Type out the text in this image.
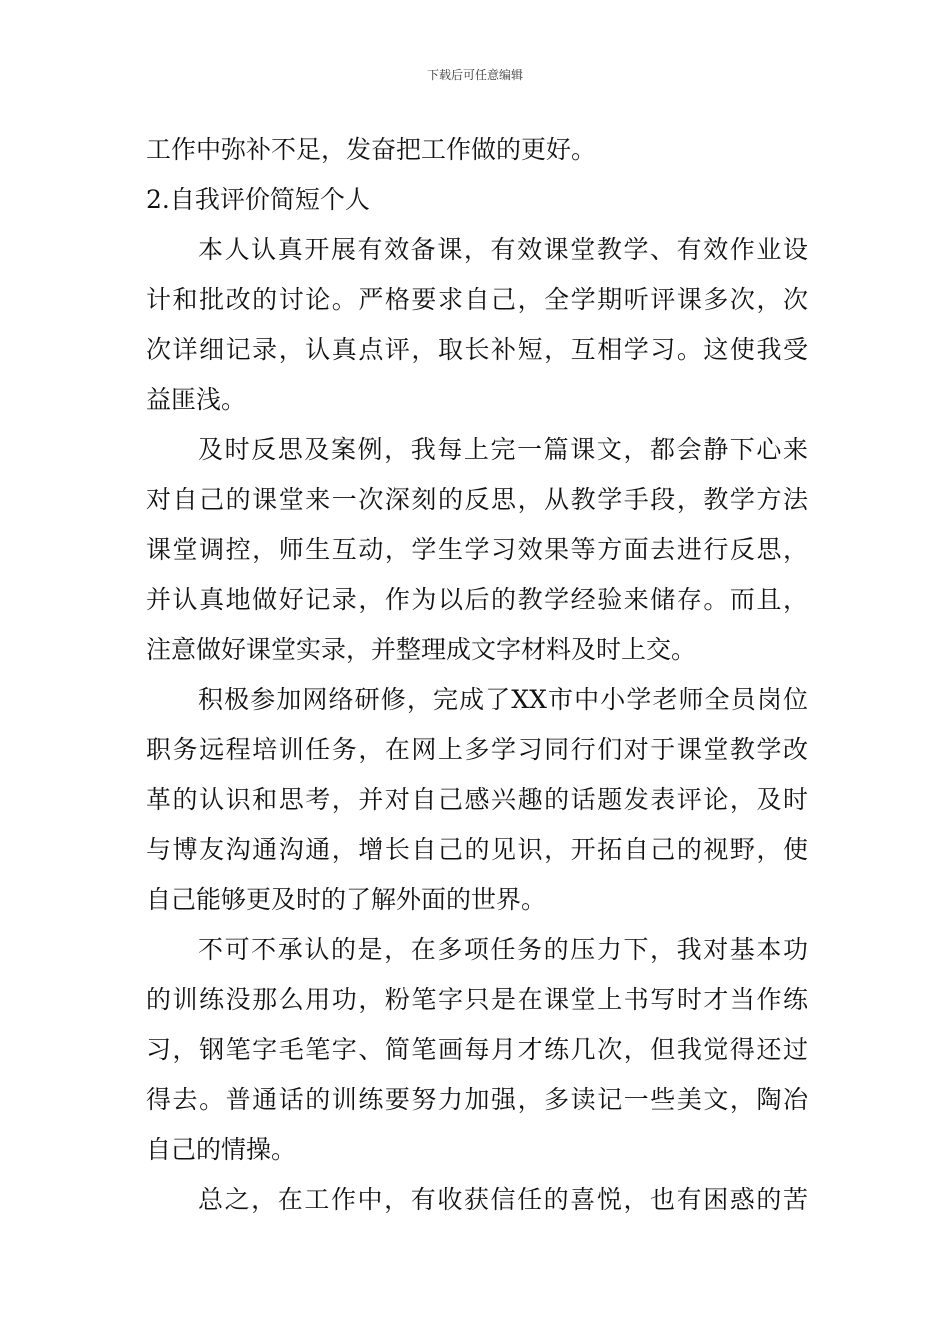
下载后可任意编辑
工作中弥补不足，发奋把工作做的更好。
2.自我评价简短个人
本人认真开展有效备课，有效课堂教学、有效作业设
计和批改的讨论。严格要求自己，全学期听评课多次，次
次详细记录，认真点评，取长补短，互相学习。这使我受
益匪浅。
及时反思及案例，我每上完一篇课文，都会静下心来
对自己的课堂来一次深刻的反思，从教学手段，教学方法
课堂调控，师生互动，学生学习效果等方面去进行反思，
并认真地做好记录，作为以后的教学经验来储存。而且，
注意做好课堂实录，并整理成文字材料及时上交。
积极参加网络研修，完成了XX市中小学老师全员岗位
职务远程培训任务，在网上多学习同行们对于课堂教学改
革的认识和思考，并对自己感兴趣的话题发表评论，及时
与博友沟通沟通，增长自己的见识，开拓自己的视野，使
自己能够更及时的了解外面的世界。
不可不承认的是，在多项任务的压力下，我对基本功
的训练没那么用功，粉笔字只是在课堂上书写时才当作练
习，钢笔字毛笔字、简笔画每月才练几次，但我觉得还过
得去。普通话的训练要努力加强，多读记一些美文，陶冶
自己的情操。
总之，在工作中，有收获信任的喜悦，也有困惑的苦
